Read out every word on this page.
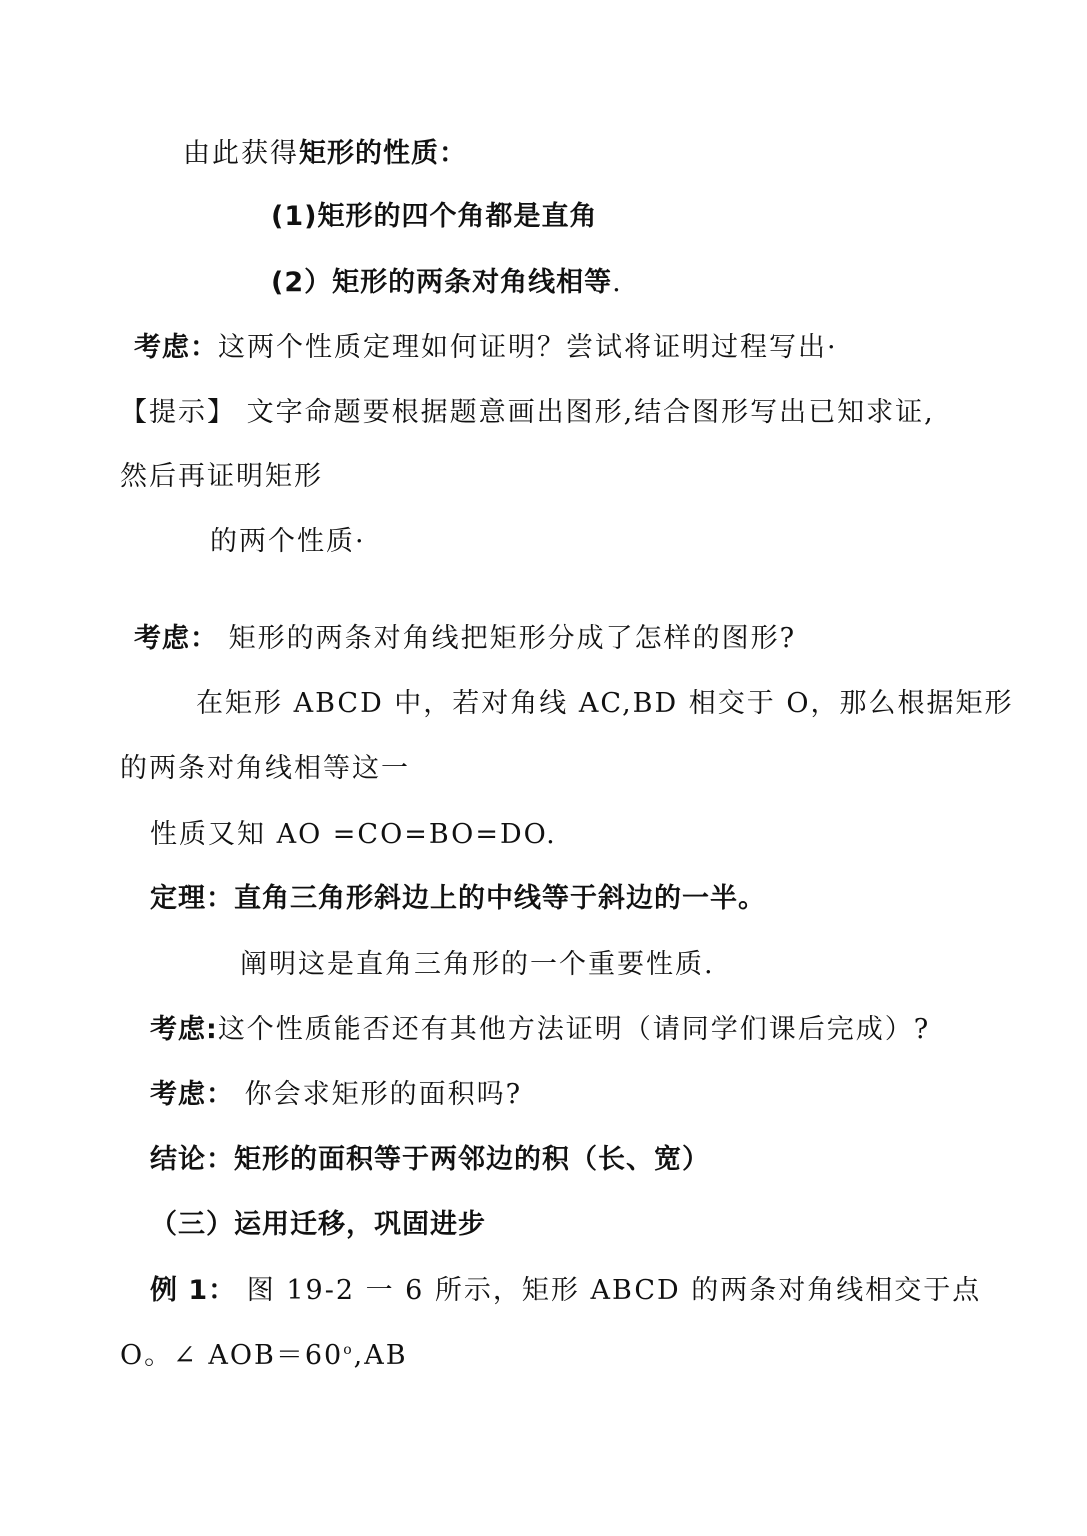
由此获得矩形的性质：
(1)矩形的四个角都是直角
(2）矩形的两条对角线相等.
考虑：这两个性质定理如何证明？尝试将证明过程写出·
【提示】 文字命题要根据题意画出图形,结合图形写出已知求证,
然后再证明矩形
的两个性质·
考虑： 矩形的两条对角线把矩形分成了怎样的图形?
在矩形 ABCD 中，若对角线 AC,BD 相交于 O，那么根据矩形
的两条对角线相等这一
性质又知 AO =CO=BO=DO.
定理：直角三角形斜边上的中线等于斜边的一半。
阐明这是直角三角形的一个重要性质.
考虑:这个性质能否还有其他方法证明（请同学们课后完成）?
考虑： 你会求矩形的面积吗?
结论：矩形的面积等于两邻边的积（长、宽）
（三）运用迁移，巩固进步
例 1： 图 19-2 一 6 所示，矩形 ABCD 的两条对角线相交于点
O。∠ $AOB=60^o,AB$
